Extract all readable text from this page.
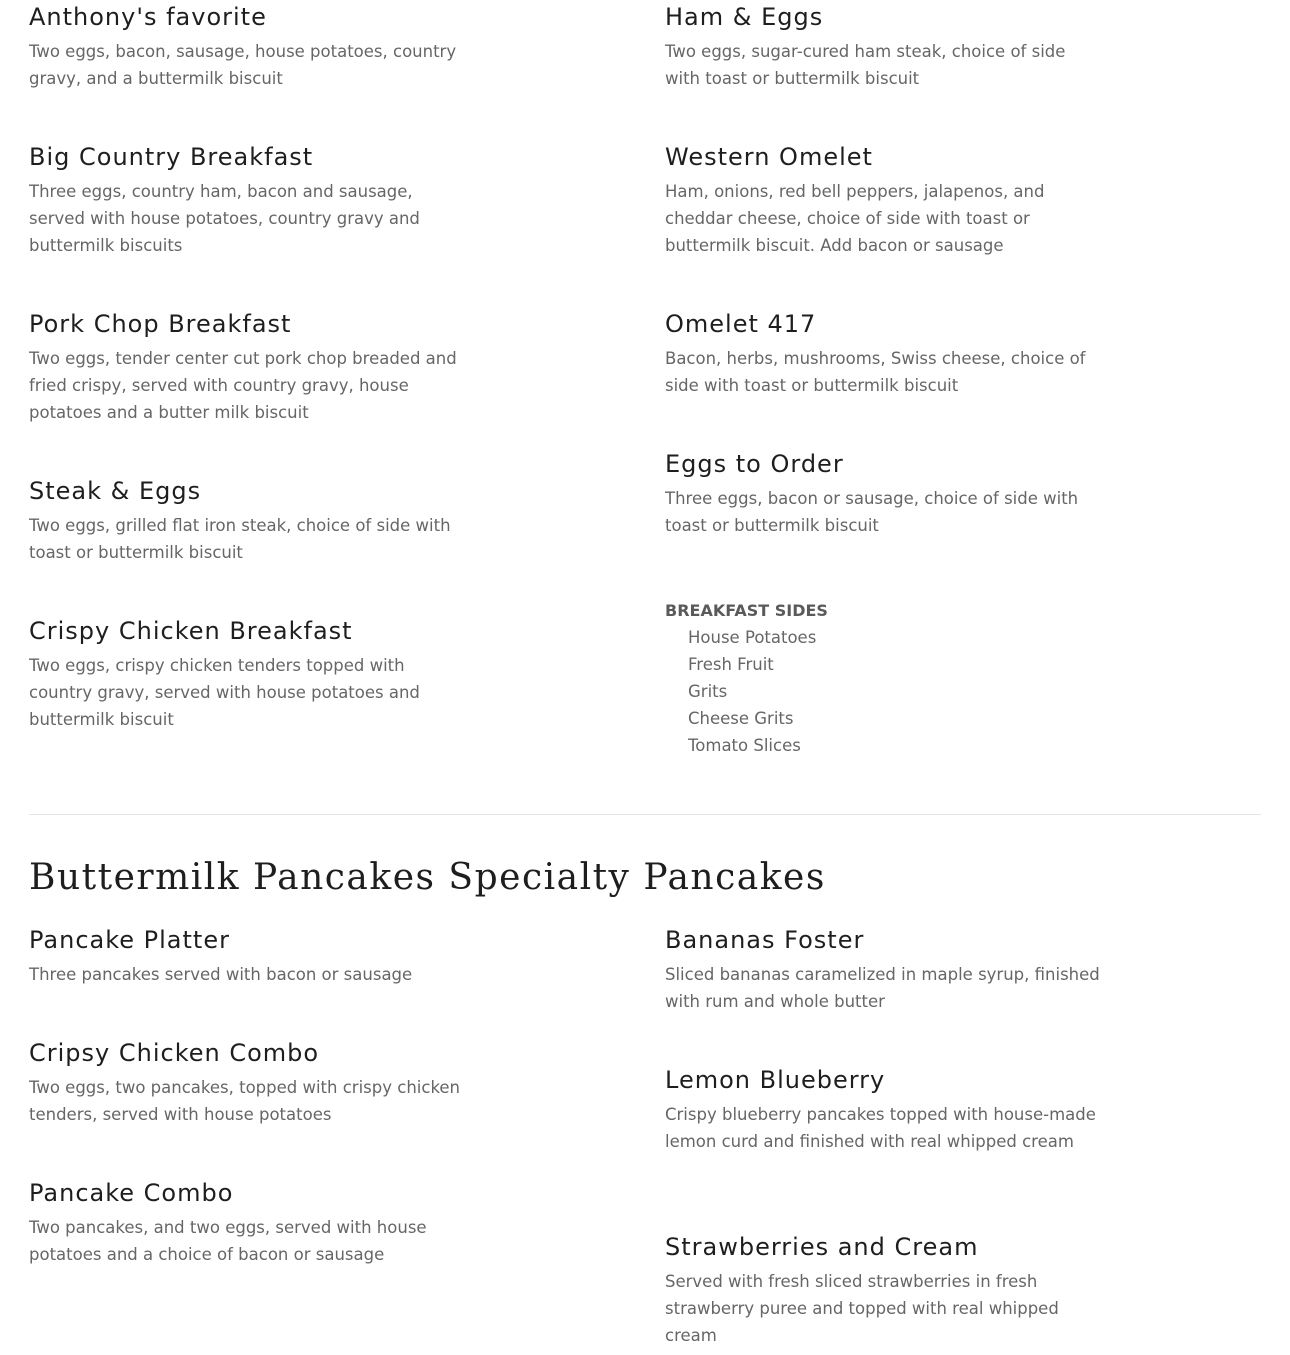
Anthony's favorite

Two eggs, bacon, sausage, house potatoes, country gravy, and a buttermilk biscuit

Big Country Breakfast

Three eggs, country ham, bacon and sausage, served with house potatoes, country gravy and buttermilk biscuits

Pork Chop Breakfast

Two eggs, tender center cut pork chop breaded and fried crispy, served with country gravy, house potatoes and a butter milk biscuit

Steak & Eggs

Two eggs, grilled flat iron steak, choice of side with toast or buttermilk biscuit

Crispy Chicken Breakfast

Two eggs, crispy chicken tenders topped with country gravy, served with house potatoes and buttermilk biscuit

Ham & Eggs

Two eggs, sugar-cured ham steak, choice of side with toast or buttermilk biscuit

Western Omelet

Ham, onions, red bell peppers, jalapenos, and cheddar cheese, choice of side with toast or buttermilk biscuit. Add bacon or sausage

Omelet 417

Bacon, herbs, mushrooms, Swiss cheese, choice of side with toast or buttermilk biscuit

Eggs to Order

Three eggs, bacon or sausage, choice of side with toast or buttermilk biscuit

BREAKFAST SIDES

House Potatoes
Fresh Fruit
Grits
Cheese Grits
Tomato Slices
Buttermilk Pancakes Specialty Pancakes
Pancake Platter

Three pancakes served with bacon or sausage

Cripsy Chicken Combo

Two eggs, two pancakes, topped with crispy chicken tenders, served with house potatoes

Pancake Combo

Two pancakes, and two eggs, served with house potatoes and a choice of bacon or sausage

Bananas Foster

Sliced bananas caramelized in maple syrup, finished with rum and whole butter

Lemon Blueberry

Crispy blueberry pancakes topped with house-made lemon curd and finished with real whipped cream

Strawberries and Cream

Served with fresh sliced strawberries in fresh strawberry puree and topped with real whipped cream
